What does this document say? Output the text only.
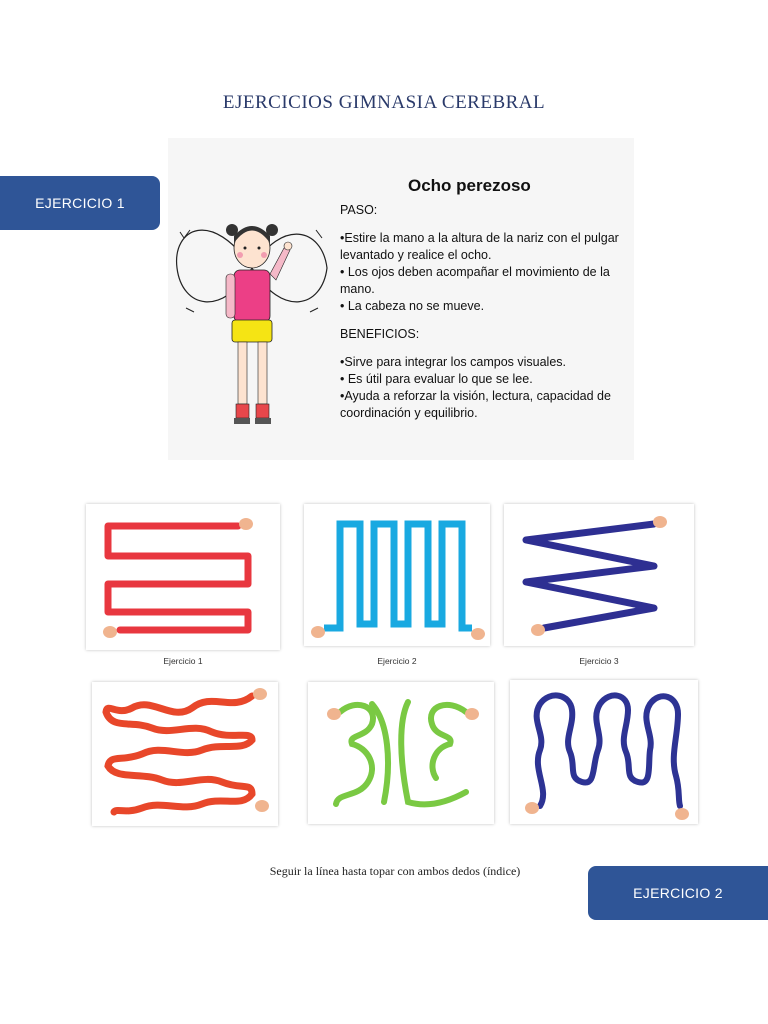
EJERCICIOS GIMNASIA CEREBRAL
EJERCICIO 1
Ocho perezoso

PASO:

•Estire la mano a la altura de la nariz con el pulgar levantado y realice el ocho.

• Los ojos deben acompañar el movimiento de la mano.

• La cabeza no se mueve.

BENEFICIOS:

•Sirve para integrar los campos visuales.

• Es útil para evaluar lo que se lee.

•Ayuda a reforzar la visión, lectura, capacidad de coordinación y equilibrio.

Ejercicio 1	Ejercicio 2	Ejercicio 3
Seguir la línea hasta topar con ambos dedos (índice)
EJERCICIO 2
